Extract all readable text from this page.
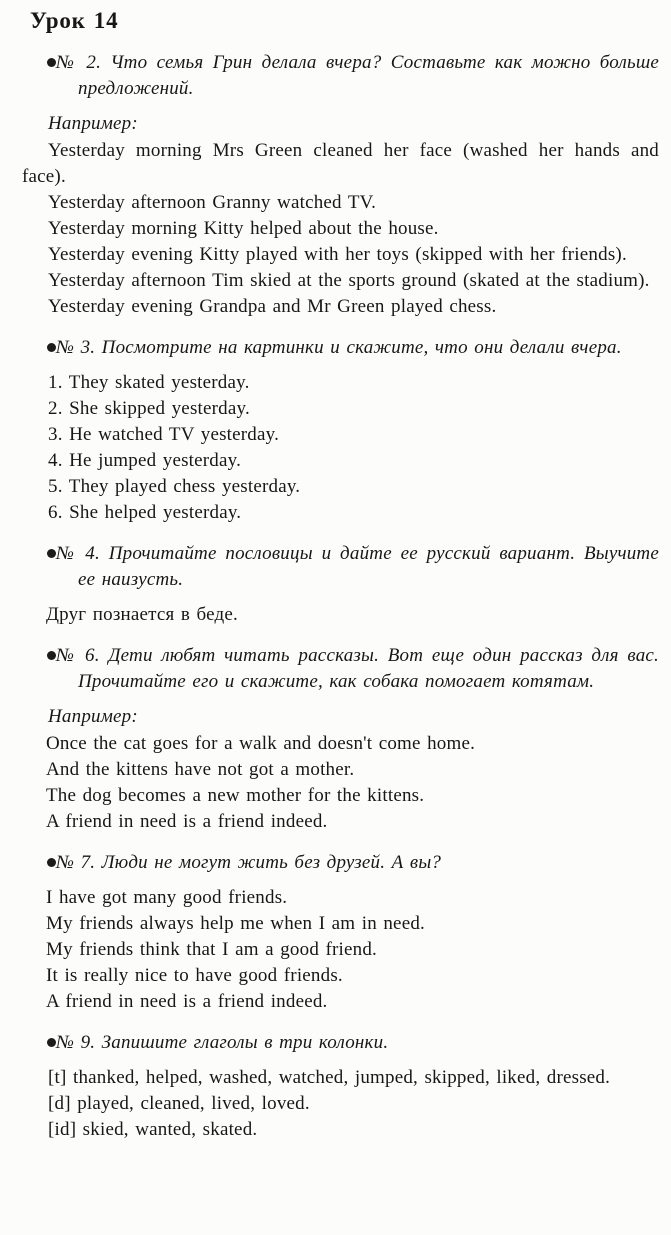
Урок 14

№ 2. Что семья Грин делала вчера? Составьте как можно больше предложений.

Например:

Yesterday morning Mrs Green cleaned her face (washed her hands and face).

Yesterday afternoon Granny watched TV.

Yesterday morning Kitty helped about the house.

Yesterday evening Kitty played with her toys (skipped with her friends).

Yesterday afternoon Tim skied at the sports ground (skated at the stadium).

Yesterday evening Grandpa and Mr Green played chess.

№ 3. Посмотрите на картинки и скажите, что они делали вчера.

1. They skated yesterday.

2. She skipped yesterday.

3. He watched TV yesterday.

4. He jumped yesterday.

5. They played chess yesterday.

6. She helped yesterday.

№ 4. Прочитайте пословицы и дайте ее русский вариант. Выучите ее наизусть.

Друг познается в беде.

№ 6. Дети любят читать рассказы. Вот еще один рассказ для вас. Прочитайте его и скажите, как собака помогает котятам.

Например:

Once the cat goes for a walk and doesn't come home.

And the kittens have not got a mother.

The dog becomes a new mother for the kittens.

A friend in need is a friend indeed.

№ 7. Люди не могут жить без друзей. А вы?

I have got many good friends.

My friends always help me when I am in need.

My friends think that I am a good friend.

It is really nice to have good friends.

A friend in need is a friend indeed.

№ 9. Запишите глаголы в три колонки.

[t] thanked, helped, washed, watched, jumped, skipped, liked, dressed.

[d] played, cleaned, lived, loved.

[id] skied, wanted, skated.
